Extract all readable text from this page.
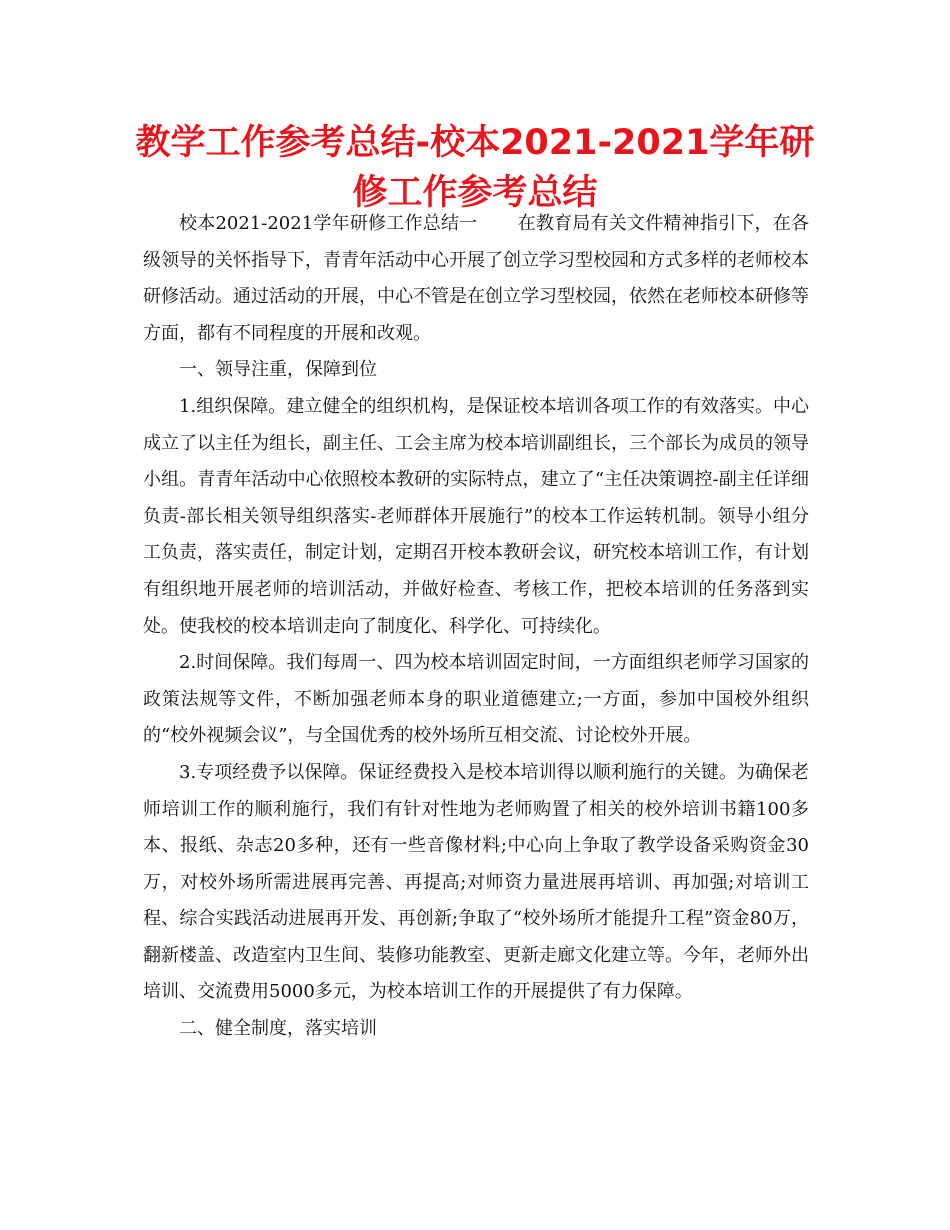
教学工作参考总结-校本2021-2021学年研修工作参考总结

校本2021-2021学年研修工作总结一 在教育局有关文件精神指引下，在各级领导的关怀指导下，青青年活动中心开展了创立学习型校园和方式多样的老师校本研修活动。通过活动的开展，中心不管是在创立学习型校园，依然在老师校本研修等方面，都有不同程度的开展和改观。

一、领导注重，保障到位

1.组织保障。建立健全的组织机构，是保证校本培训各项工作的有效落实。中心成立了以主任为组长，副主任、工会主席为校本培训副组长，三个部长为成员的领导小组。青青年活动中心依照校本教研的实际特点，建立了“主任决策调控-副主任详细负责-部长相关领导组织落实-老师群体开展施行”的校本工作运转机制。领导小组分工负责，落实责任，制定计划，定期召开校本教研会议，研究校本培训工作，有计划有组织地开展老师的培训活动，并做好检查、考核工作，把校本培训的任务落到实处。使我校的校本培训走向了制度化、科学化、可持续化。

2.时间保障。我们每周一、四为校本培训固定时间，一方面组织老师学习国家的政策法规等文件，不断加强老师本身的职业道德建立;一方面，参加中国校外组织的“校外视频会议”，与全国优秀的校外场所互相交流、讨论校外开展。

3.专项经费予以保障。保证经费投入是校本培训得以顺利施行的关键。为确保老师培训工作的顺利施行，我们有针对性地为老师购置了相关的校外培训书籍100多本、报纸、杂志20多种，还有一些音像材料;中心向上争取了教学设备采购资金30万，对校外场所需进展再完善、再提高;对师资力量进展再培训、再加强;对培训工程、综合实践活动进展再开发、再创新;争取了“校外场所才能提升工程”资金80万，翻新楼盖、改造室内卫生间、装修功能教室、更新走廊文化建立等。今年，老师外出培训、交流费用5000多元，为校本培训工作的开展提供了有力保障。

二、健全制度，落实培训
